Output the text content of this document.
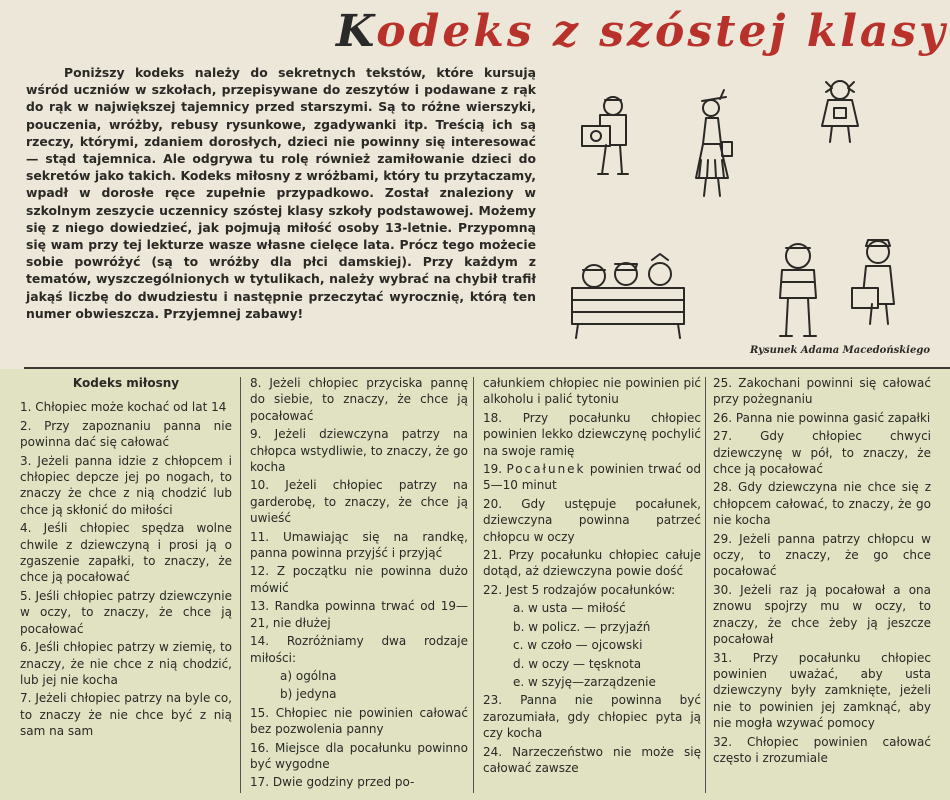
Kodeks z szóstej klasy

Poniższy kodeks należy do sekretnych tekstów, które kursują wśród uczniów w szkołach, przepisywane do zeszytów i podawane z rąk do rąk w największej tajemnicy przed starszymi. Są to różne wierszyki, pouczenia, wróżby, rebusy rysunkowe, zgadywanki itp. Treścią ich są rzeczy, którymi, zdaniem dorosłych, dzieci nie powinny się interesować — stąd tajemnica. Ale odgrywa tu rolę również zamiłowanie dzieci do sekretów jako takich. Kodeks miłosny z wróżbami, który tu przytaczamy, wpadł w dorosłe ręce zupełnie przypadkowo. Został znaleziony w szkolnym zeszycie uczennicy szóstej klasy szkoły podstawowej. Możemy się z niego dowiedzieć, jak pojmują miłość osoby 13-letnie. Przypomną się wam przy tej lekturze wasze własne cielęce lata. Prócz tego możecie sobie powróżyć (są to wróżby dla płci damskiej). Przy każdym z tematów, wyszczególnionych w tytulikach, należy wybrać na chybił trafił jakąś liczbę do dwudziestu i następnie przeczytać wyrocznię, którą ten numer obwieszcza. Przyjemnej zabawy!

Rysunek Adama Macedońskiego

Kodeks miłosny

1. Chłopiec może kochać od lat 14

2. Przy zapoznaniu panna nie powinna dać się całować

3. Jeżeli panna idzie z chłopcem i chłopiec depcze jej po nogach, to znaczy że chce z nią chodzić lub chce ją skłonić do miłości

4. Jeśli chłopiec spędza wolne chwile z dziewczyną i prosi ją o zgaszenie zapałki, to znaczy, że chce ją pocałować

5. Jeśli chłopiec patrzy dziewczynie w oczy, to znaczy, że chce ją pocałować

6. Jeśli chłopiec patrzy w ziemię, to znaczy, że nie chce z nią chodzić, lub jej nie kocha

7. Jeżeli chłopiec patrzy na byle co, to znaczy że nie chce być z nią sam na sam

8. Jeżeli chłopiec przyciska pannę do siebie, to znaczy, że chce ją pocałować

9. Jeżeli dziewczyna patrzy na chłopca wstydliwie, to znaczy, że go kocha

10. Jeżeli chłopiec patrzy na garderobę, to znaczy, że chce ją uwieść

11. Umawiając się na randkę, panna powinna przyjść i przyjąć

12. Z początku nie powinna dużo mówić

13. Randka powinna trwać od 19—21, nie dłużej

14. Rozróżniamy dwa rodzaje miłości:

a) ogólna

b) jedyna

15. Chłopiec nie powinien całować bez pozwolenia panny

16. Miejsce dla pocałunku powinno być wygodne

17. Dwie godziny przed po-

całunkiem chłopiec nie powinien pić alkoholu i palić tytoniu

18. Przy pocałunku chłopiec powinien lekko dziewczynę pochylić na swoje ramię

19. Pocałunek powinien trwać od 5—10 minut

20. Gdy ustępuje pocałunek, dziewczyna powinna patrzeć chłopcu w oczy

21. Przy pocałunku chłopiec całuje dotąd, aż dziewczyna powie dość

22. Jest 5 rodzajów pocałunków:

a. w usta — miłość

b. w policz. — przyjaźń

c. w czoło — ojcowski

d. w oczy — tęsknota

e. w szyję—zarządzenie

23. Panna nie powinna być zarozumiała, gdy chłopiec pyta ją czy kocha

24. Narzeczeństwo nie może się całować zawsze

25. Zakochani powinni się całować przy pożegnaniu

26. Panna nie powinna gasić zapałki

27. Gdy chłopiec chwyci dziewczynę w pół, to znaczy, że chce ją pocałować

28. Gdy dziewczyna nie chce się z chłopcem całować, to znaczy, że go nie kocha

29. Jeżeli panna patrzy chłopcu w oczy, to znaczy, że go chce pocałować

30. Jeżeli raz ją pocałował a ona znowu spojrzy mu w oczy, to znaczy, że chce żeby ją jeszcze pocałował

31. Przy pocałunku chłopiec powinien uważać, aby usta dziewczyny były zamknięte, jeżeli nie to powinien jej zamknąć, aby nie mogła wzywać pomocy

32. Chłopiec powinien całować często i zrozumiale
